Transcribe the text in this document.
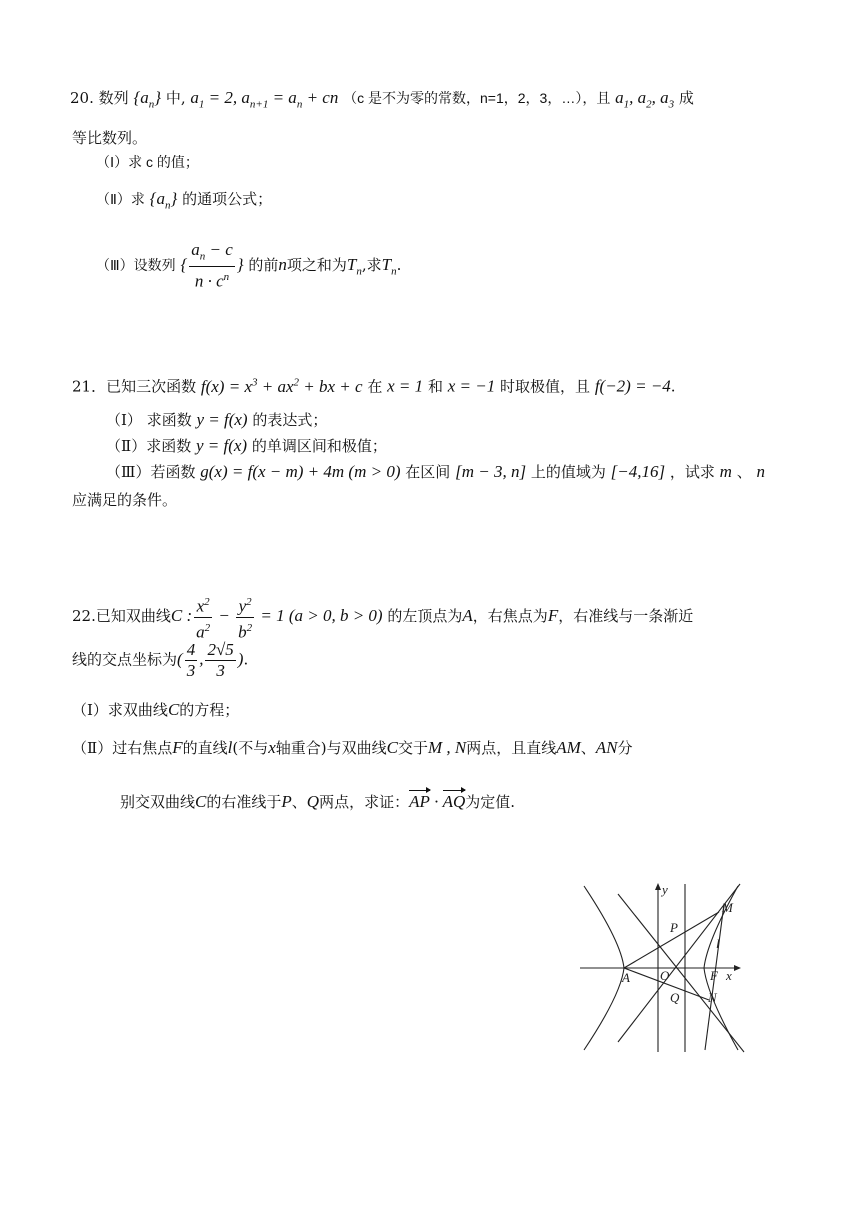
20. 数列 $\{a_n\}$ 中, $a_1 = 2$, $a_{n+1} = a_n$ + cn （c 是不为零的常数，n=1，2，3，…），且 $a_1$, $a_2$, $a_3$ 成
等比数列。
（Ⅰ）求 c 的值；
（Ⅱ）求 $\{a_n\}$ 的通项公式；
（Ⅲ）设数列 { $\frac{a_n - c}{n \cdot c^n}$ } 的前n项之和为$T_n$,求$T_n$.
21．已知三次函数 $f(x) = x^3 + ax^2$ + bx + c 在 x = 1 和 x = −1 时取极值，且 f(−2) = −4.
（Ⅰ） 求函数 y = f(x) 的表达式；
（Ⅱ）求函数 y = f(x) 的单调区间和极值；
（Ⅲ）若函数 g(x) = f(x − m) + 4m (m > 0) 在区间 [m − 3, n] 上的值域为 [−4,16] ，试求 m 、 n
应满足的条件。
22.已知双曲线C : $\frac{x^2}{a^2} - \frac{y^2}{b^2} = 1$ (a > 0, b > 0) 的左顶点为A，右焦点为F，右准线与一条渐近
线的交点坐标为( $\frac{4}{3}$ , $\frac{2√5}{3}$ ).
（Ⅰ）求双曲线C的方程；
（Ⅱ）过右焦点F的直线l(不与x轴重合)与双曲线C交于M , N两点，且直线AM、AN分
别交双曲线C的右准线于P、Q两点，求证：AP · AQ为定值.
y
x
M
P
l
A O	F
Q N
